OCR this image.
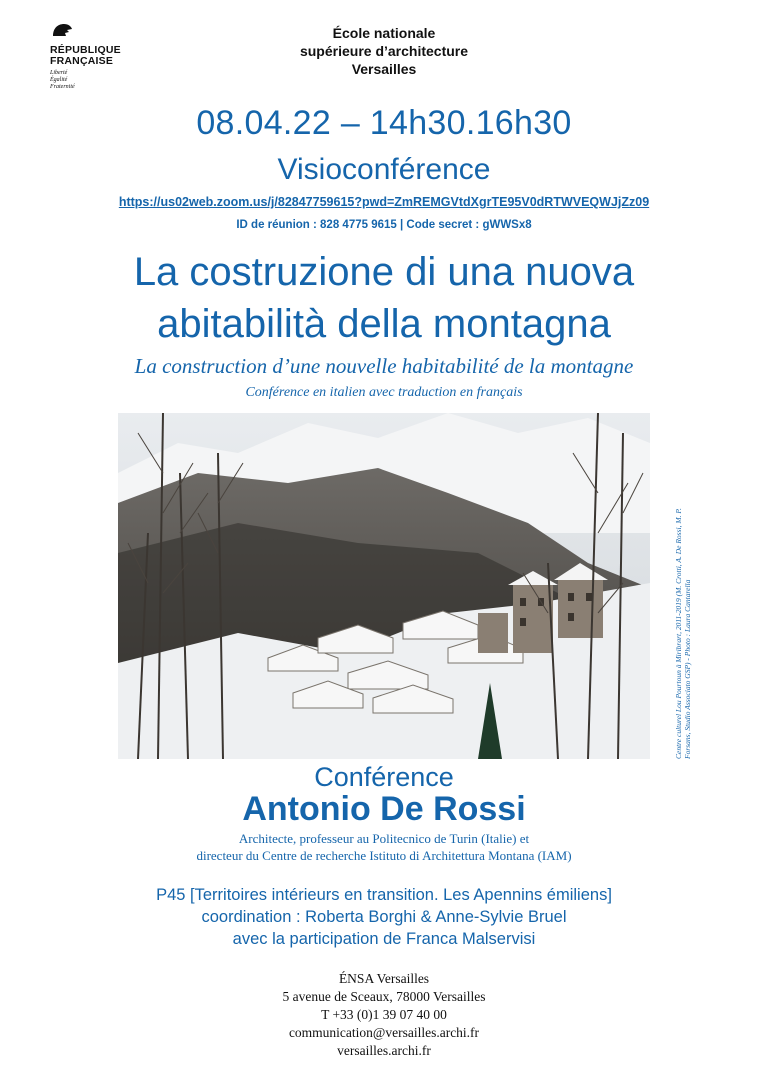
RÉPUBLIQUE
FRANÇAISE
Liberté
Égalité
Fraternité
École nationale
supérieure d’architecture
Versailles
08.04.22 – 14h30.16h30
Visioconférence
https://us02web.zoom.us/j/82847759615?pwd=ZmREMGVtdXgrTE95V0dRTWVEQWJjZz09
ID de réunion : 828 4775 9615 | Code secret : gWWSx8
La costruzione di una nuova
abitabilità della montagna
La construction d’une nouvelle habitabilité de la montagne
Conférence en italien avec traduction en français
Centre culturel Lou Pourtoun à Miribrart, 2011-2019 (M. Crotti, A. De Rossi, M. P. Forsans, Studio Associato GSP) - Photo : Laura Cantarella
Conférence
Antonio De Rossi
Architecte, professeur au Politecnico de Turin (Italie) et
directeur du Centre de recherche Istituto di Architettura Montana (IAM)
P45 [Territoires intérieurs en transition. Les Apennins émiliens]
coordination : Roberta Borghi & Anne-Sylvie Bruel
avec la participation de Franca Malservisi
ÉNSA Versailles
5 avenue de Sceaux, 78000 Versailles
T +33 (0)1 39 07 40 00
communication@versailles.archi.fr
versailles.archi.fr
